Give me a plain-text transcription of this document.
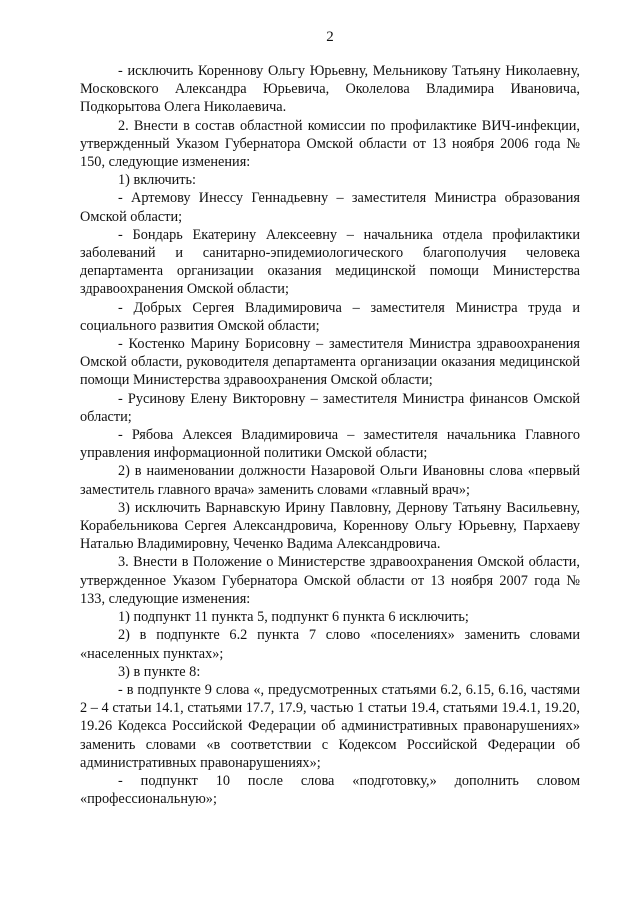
2

- исключить Кореннову Ольгу Юрьевну, Мельникову Татьяну Николаевну, Московского Александра Юрьевича, Околелова Владимира Ивановича, Подкорытова Олега Николаевича.

2. Внести в состав областной комиссии по профилактике ВИЧ-инфекции, утвержденный Указом Губернатора Омской области от 13 ноября 2006 года № 150, следующие изменения:

1) включить:

- Артемову Инессу Геннадьевну – заместителя Министра образования Омской области;

- Бондарь Екатерину Алексеевну – начальника отдела профилактики заболеваний и санитарно-эпидемиологического благополучия человека департамента организации оказания медицинской помощи Министерства здравоохранения Омской области;

- Добрых Сергея Владимировича – заместителя Министра труда и социального развития Омской области;

- Костенко Марину Борисовну – заместителя Министра здравоохранения Омской области, руководителя департамента организации оказания медицинской помощи Министерства здравоохранения Омской области;

- Русинову Елену Викторовну – заместителя Министра финансов Омской области;

- Рябова Алексея Владимировича – заместителя начальника Главного управления информационной политики Омской области;

2) в наименовании должности Назаровой Ольги Ивановны слова «первый заместитель главного врача» заменить словами «главный врач»;

3) исключить Варнавскую Ирину Павловну, Дернову Татьяну Васильевну, Корабельникова Сергея Александровича, Кореннову Ольгу Юрьевну, Пархаеву Наталью Владимировну, Чеченко Вадима Александровича.

3. Внести в Положение о Министерстве здравоохранения Омской области, утвержденное Указом Губернатора Омской области от 13 ноября 2007 года № 133, следующие изменения:

1) подпункт 11 пункта 5, подпункт 6 пункта 6 исключить;

2) в подпункте 6.2 пункта 7 слово «поселениях» заменить словами «населенных пунктах»;

3) в пункте 8:

- в подпункте 9 слова «, предусмотренных статьями 6.2, 6.15, 6.16, частями 2 – 4 статьи 14.1, статьями 17.7, 17.9, частью 1 статьи 19.4, статьями 19.4.1, 19.20, 19.26 Кодекса Российской Федерации об административных правонарушениях» заменить словами «в соответствии с Кодексом Российской Федерации об административных правонарушениях»;

- подпункт 10 после слова «подготовку,» дополнить словом «профессиональную»;
